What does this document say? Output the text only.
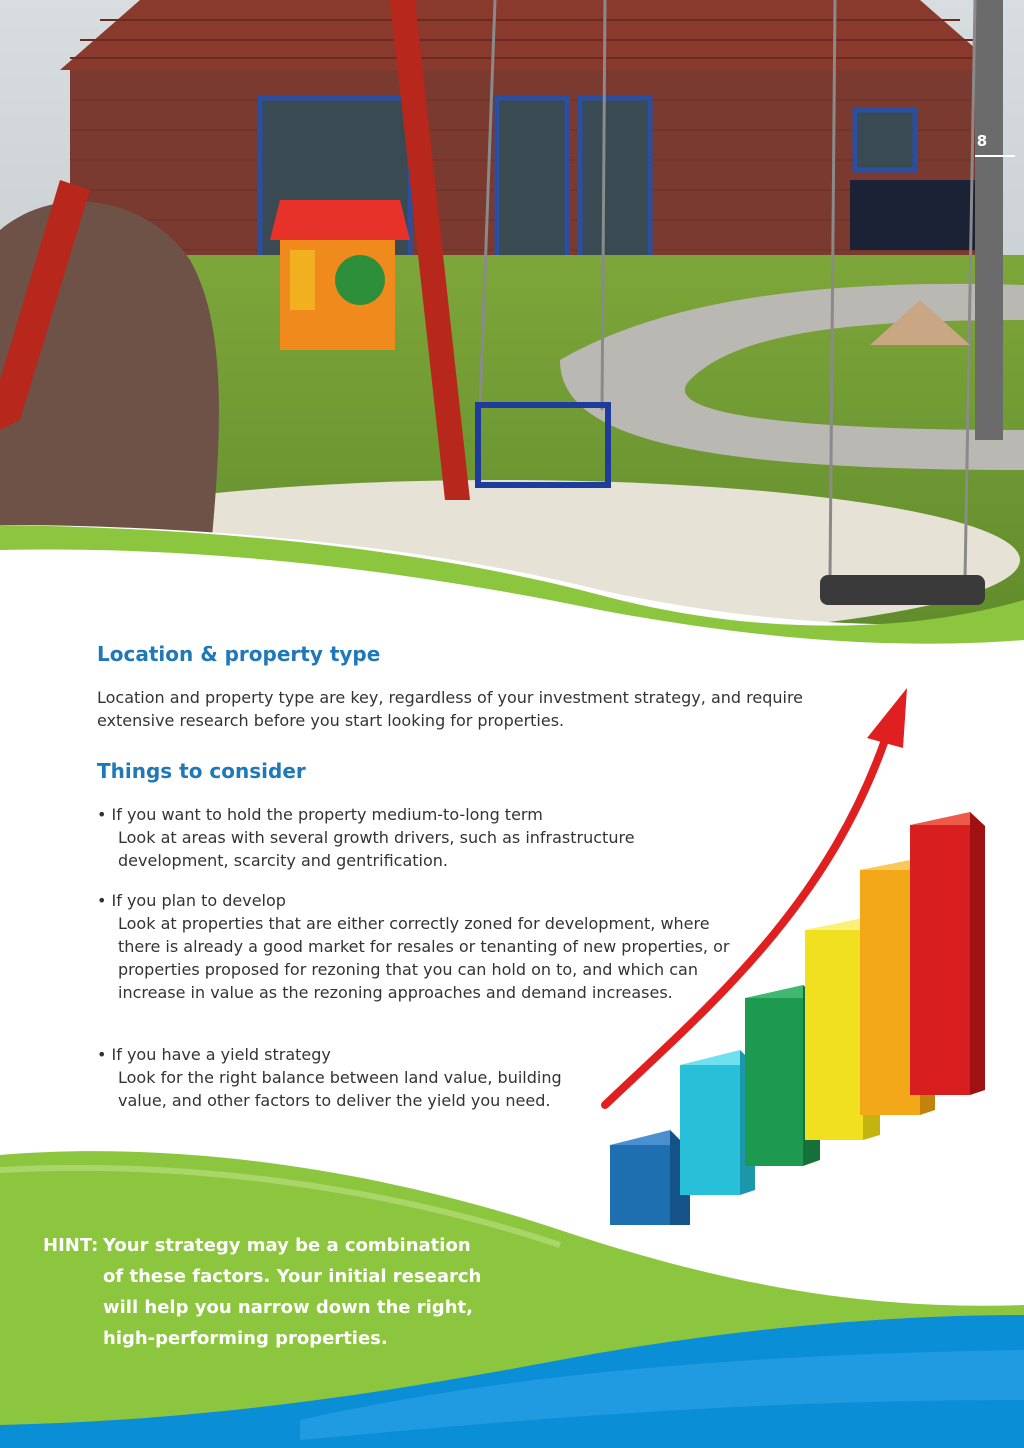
8
Location & property type

Location and property type are key, regardless of your investment strategy, and require extensive research before you start looking for properties.

Things to consider
• If you want to hold the property medium-to-long term
Look at areas with several growth drivers, such as infrastructure development, scarcity and gentrification.
• If you plan to develop
Look at properties that are either correctly zoned for development, where there is already a good market for resales or tenanting of new properties, or properties proposed for rezoning that you can hold on to, and which can increase in value as the rezoning approaches and demand increases.
• If you have a yield strategy
Look for the right balance between land value, building value, and other factors to deliver the yield you need.
HINT: Your strategy may be a combination of these factors. Your initial research will help you narrow down the right, high-performing properties.
